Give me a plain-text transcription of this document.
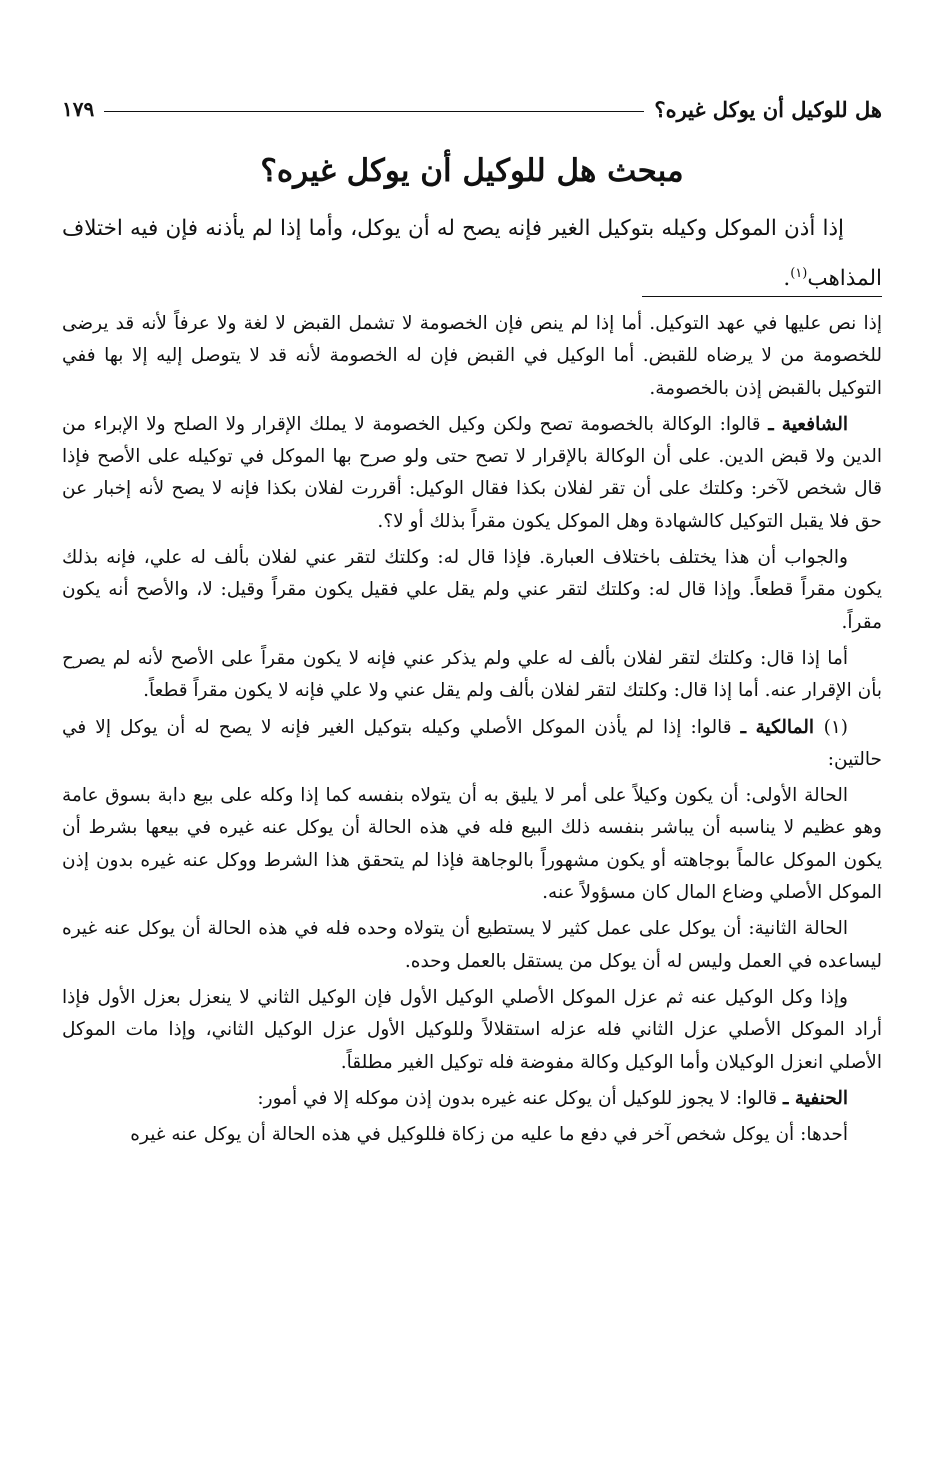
هل للوكيل أن يوكل غيره؟
١٧٩
مبحث هل للوكيل أن يوكل غيره؟

إذا أذن الموكل وكيله بتوكيل الغير فإنه يصح له أن يوكل، وأما إذا لم يأذنه فإن فيه اختلاف المذاهب$^{(١)}$.

إذا نص عليها في عهد التوكيل. أما إذا لم ينص فإن الخصومة لا تشمل القبض لا لغة ولا عرفاً لأنه قد يرضى للخصومة من لا يرضاه للقبض. أما الوكيل في القبض فإن له الخصومة لأنه قد لا يتوصل إليه إلا بها ففي التوكيل بالقبض إذن بالخصومة.

الشافعية ـ قالوا: الوكالة بالخصومة تصح ولكن وكيل الخصومة لا يملك الإقرار ولا الصلح ولا الإبراء من الدين ولا قبض الدين. على أن الوكالة بالإقرار لا تصح حتى ولو صرح بها الموكل في توكيله على الأصح فإذا قال شخص لآخر: وكلتك على أن تقر لفلان بكذا فقال الوكيل: أقررت لفلان بكذا فإنه لا يصح لأنه إخبار عن حق فلا يقبل التوكيل كالشهادة وهل الموكل يكون مقراً بذلك أو لا؟.

والجواب أن هذا يختلف باختلاف العبارة. فإذا قال له: وكلتك لتقر عني لفلان بألف له علي، فإنه بذلك يكون مقراً قطعاً. وإذا قال له: وكلتك لتقر عني ولم يقل علي فقيل يكون مقراً وقيل: لا، والأصح أنه يكون مقراً.

أما إذا قال: وكلتك لتقر لفلان بألف له علي ولم يذكر عني فإنه لا يكون مقراً على الأصح لأنه لم يصرح بأن الإقرار عنه. أما إذا قال: وكلتك لتقر لفلان بألف ولم يقل عني ولا علي فإنه لا يكون مقراً قطعاً.

(١) المالكية ـ قالوا: إذا لم يأذن الموكل الأصلي وكيله بتوكيل الغير فإنه لا يصح له أن يوكل إلا في حالتين:

الحالة الأولى: أن يكون وكيلاً على أمر لا يليق به أن يتولاه بنفسه كما إذا وكله على بيع دابة بسوق عامة وهو عظيم لا يناسبه أن يباشر بنفسه ذلك البيع فله في هذه الحالة أن يوكل عنه غيره في بيعها بشرط أن يكون الموكل عالماً بوجاهته أو يكون مشهوراً بالوجاهة فإذا لم يتحقق هذا الشرط ووكل عنه غيره بدون إذن الموكل الأصلي وضاع المال كان مسؤولاً عنه.

الحالة الثانية: أن يوكل على عمل كثير لا يستطيع أن يتولاه وحده فله في هذه الحالة أن يوكل عنه غيره ليساعده في العمل وليس له أن يوكل من يستقل بالعمل وحده.

وإذا وكل الوكيل عنه ثم عزل الموكل الأصلي الوكيل الأول فإن الوكيل الثاني لا ينعزل بعزل الأول فإذا أراد الموكل الأصلي عزل الثاني فله عزله استقلالاً وللوكيل الأول عزل الوكيل الثاني، وإذا مات الموكل الأصلي انعزل الوكيلان وأما الوكيل وكالة مفوضة فله توكيل الغير مطلقاً.

الحنفية ـ قالوا: لا يجوز للوكيل أن يوكل عنه غيره بدون إذن موكله إلا في أمور:

أحدها: أن يوكل شخص آخر في دفع ما عليه من زكاة فللوكيل في هذه الحالة أن يوكل عنه غيره
